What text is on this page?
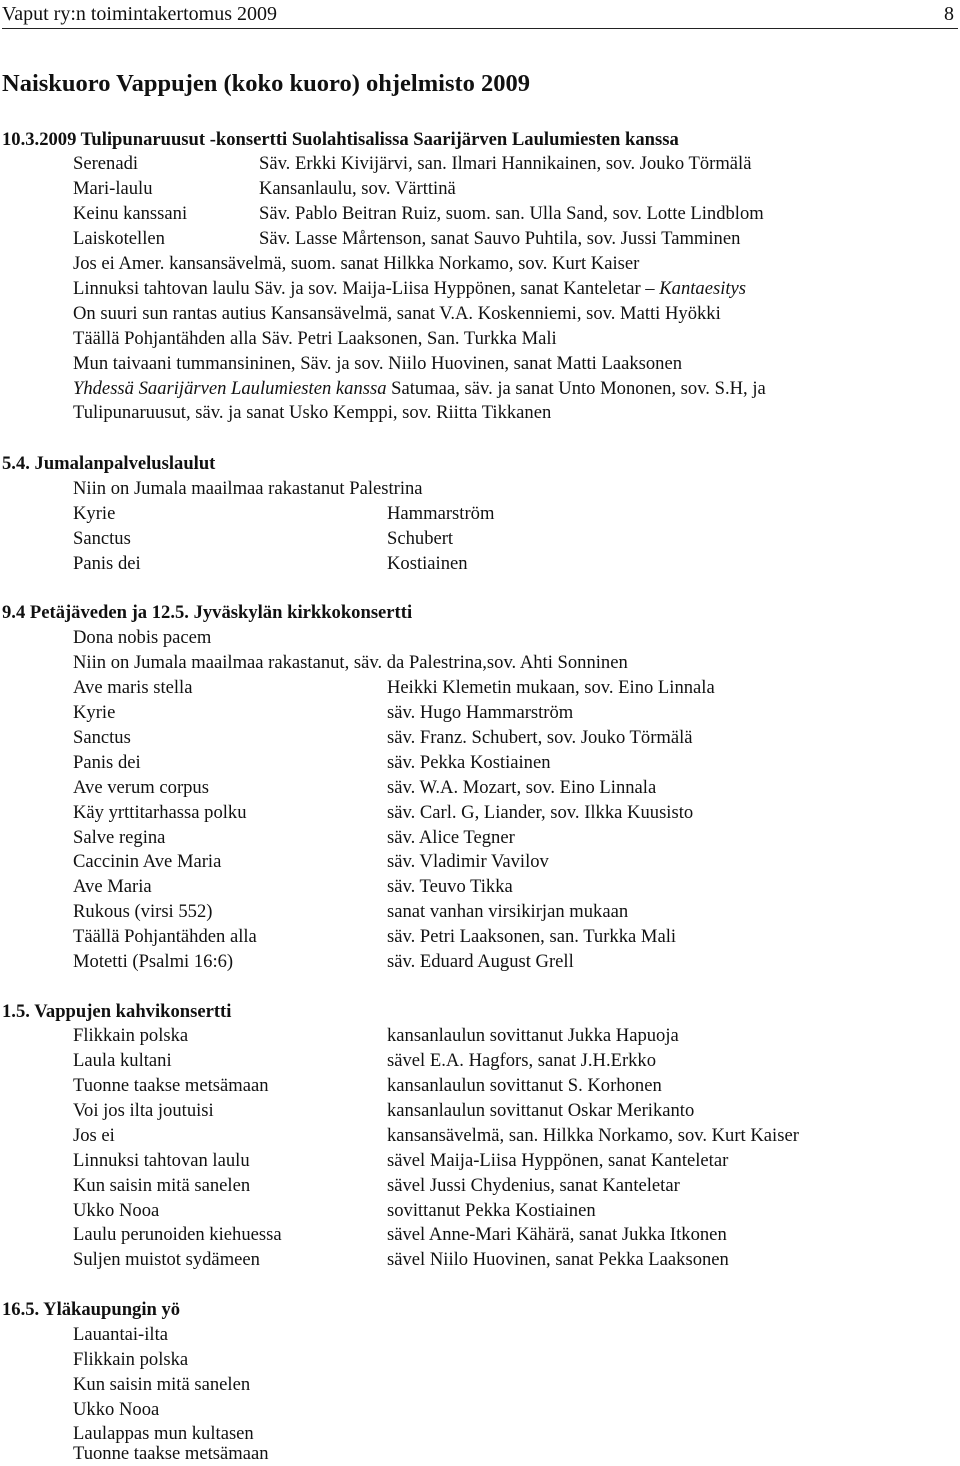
Vaput ry:n toimintakertomus 2009	8
Naiskuoro Vappujen (koko kuoro) ohjelmisto 2009
10.3.2009 Tulipunaruusut -konsertti Suolahtisalissa Saarijärven Laulumiesten kanssa
Serenadi	Säv. Erkki Kivijärvi, san. Ilmari Hannikainen, sov. Jouko Törmälä
Mari-laulu	Kansanlaulu, sov. Värttinä
Keinu kanssani	Säv. Pablo Beitran Ruiz, suom. san. Ulla Sand, sov. Lotte Lindblom
Laiskotellen	Säv. Lasse Mårtenson, sanat Sauvo Puhtila, sov. Jussi Tamminen
Jos ei Amer. kansansävelmä, suom. sanat Hilkka Norkamo, sov. Kurt Kaiser
Linnuksi tahtovan laulu Säv. ja sov. Maija-Liisa Hyppönen, sanat Kanteletar – Kantaesitys
On suuri sun rantas autius Kansansävelmä, sanat V.A. Koskenniemi, sov. Matti Hyökki
Täällä Pohjantähden alla Säv. Petri Laaksonen, San. Turkka Mali
Mun taivaani tummansininen, Säv. ja sov. Niilo Huovinen, sanat Matti Laaksonen
Yhdessä Saarijärven Laulumiesten kanssa Satumaa, säv. ja sanat Unto Mononen, sov. S.H, ja
Tulipunaruusut, säv. ja sanat Usko Kemppi, sov. Riitta Tikkanen
5.4. Jumalanpalveluslaulut
Niin on Jumala maailmaa rakastanut Palestrina
Kyrie	Hammarström
Sanctus	Schubert
Panis dei	Kostiainen
9.4 Petäjäveden ja 12.5. Jyväskylän kirkkokonsertti
Dona nobis pacem
Niin on Jumala maailmaa rakastanut, säv. da Palestrina,sov. Ahti Sonninen
Ave maris stella	Heikki Klemetin mukaan, sov. Eino Linnala
Kyrie	säv. Hugo Hammarström
Sanctus	säv. Franz. Schubert, sov. Jouko Törmälä
Panis dei	säv. Pekka Kostiainen
Ave verum corpus	säv. W.A. Mozart, sov. Eino Linnala
Käy yrttitarhassa polku	säv. Carl. G, Liander, sov. Ilkka Kuusisto
Salve regina	säv. Alice Tegner
Caccinin Ave Maria	säv. Vladimir Vavilov
Ave Maria	säv. Teuvo Tikka
Rukous (virsi 552)	sanat vanhan virsikirjan mukaan
Täällä Pohjantähden alla	säv. Petri Laaksonen, san. Turkka Mali
Motetti (Psalmi 16:6)	säv. Eduard August Grell
1.5. Vappujen kahvikonsertti
Flikkain polska	kansanlaulun sovittanut Jukka Hapuoja
Laula kultani	sävel E.A. Hagfors, sanat J.H.Erkko
Tuonne taakse metsämaan	kansanlaulun sovittanut S. Korhonen
Voi jos ilta joutuisi	kansanlaulun sovittanut Oskar Merikanto
Jos ei	kansansävelmä, san. Hilkka Norkamo, sov. Kurt Kaiser
Linnuksi tahtovan laulu	sävel Maija-Liisa Hyppönen, sanat Kanteletar
Kun saisin mitä sanelen	sävel Jussi Chydenius, sanat Kanteletar
Ukko Nooa	sovittanut Pekka Kostiainen
Laulu perunoiden kiehuessa	sävel Anne-Mari Kähärä, sanat Jukka Itkonen
Suljen muistot sydämeen	sävel Niilo Huovinen, sanat Pekka Laaksonen
16.5. Yläkaupungin yö
Lauantai-ilta
Flikkain polska
Kun saisin mitä sanelen
Ukko Nooa
Laulappas mun kultasen
Tuonne taakse metsämaan
